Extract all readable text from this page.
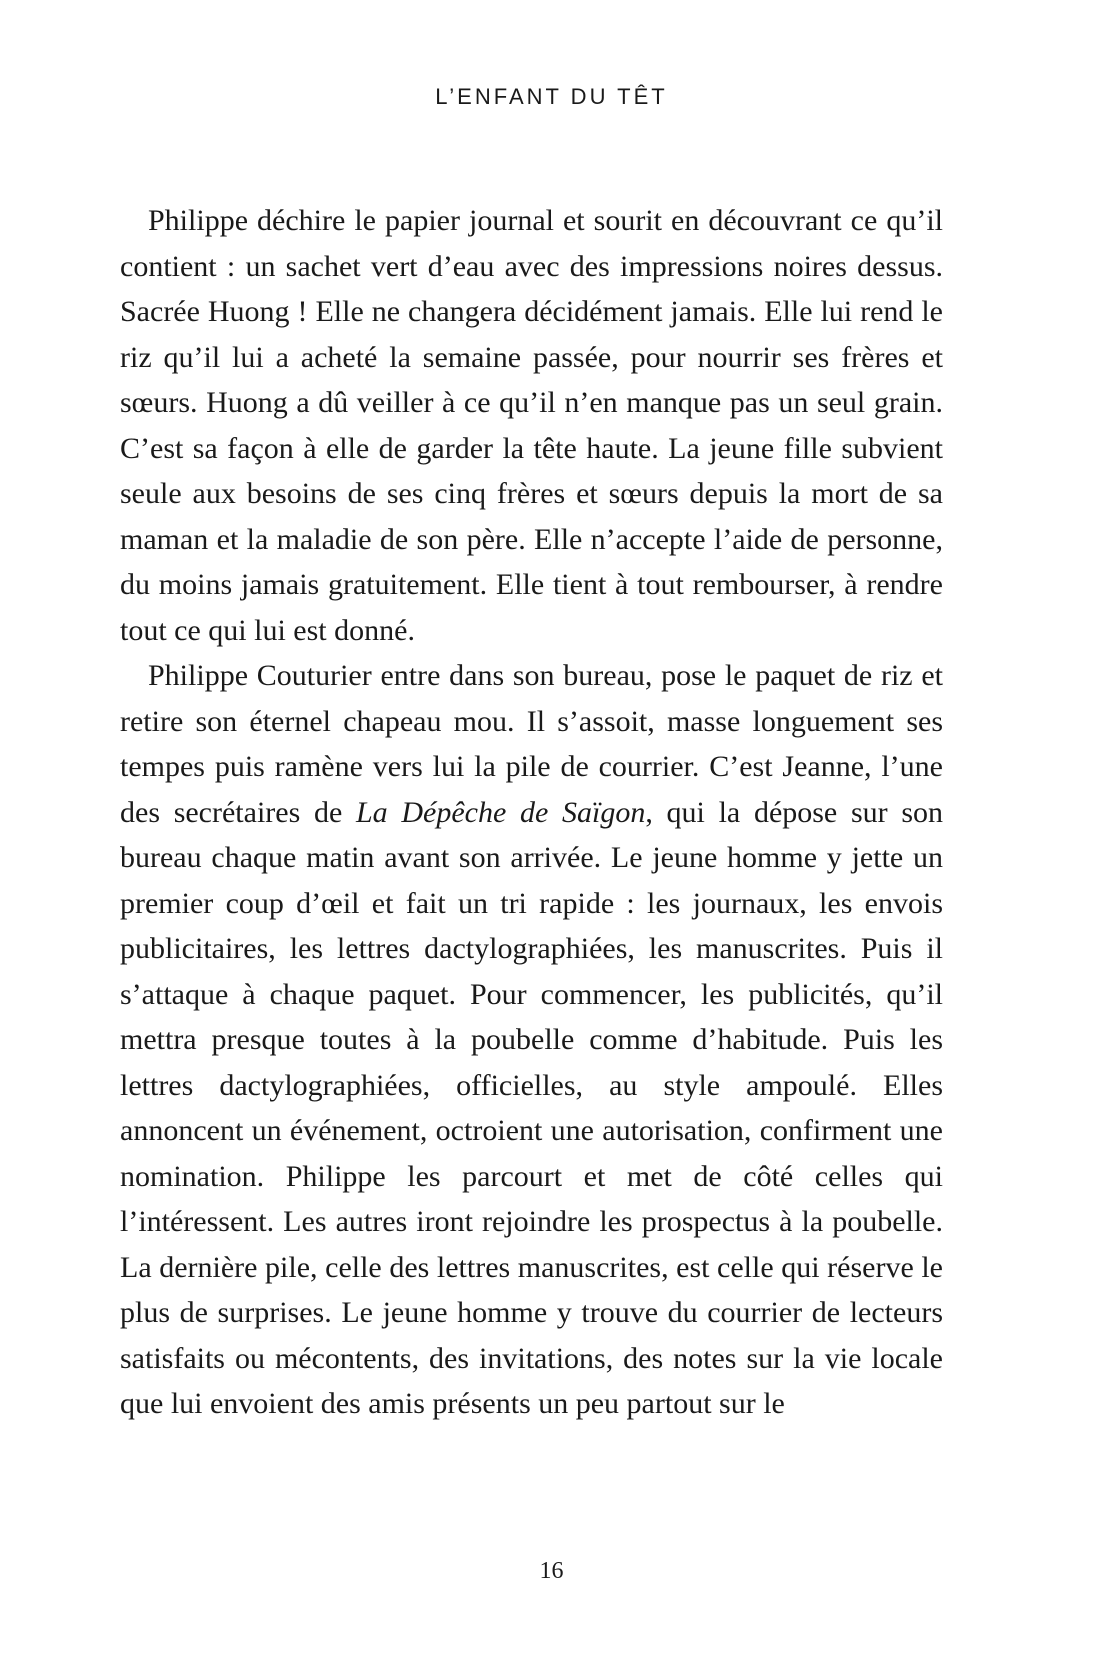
L’ENFANT DU TÊT

Philippe déchire le papier journal et sourit en découvrant ce qu’il contient : un sachet vert d’eau avec des impressions noires dessus. Sacrée Huong ! Elle ne changera décidément jamais. Elle lui rend le riz qu’il lui a acheté la semaine passée, pour nourrir ses frères et sœurs. Huong a dû veiller à ce qu’il n’en manque pas un seul grain. C’est sa façon à elle de garder la tête haute. La jeune fille subvient seule aux besoins de ses cinq frères et sœurs depuis la mort de sa maman et la maladie de son père. Elle n’accepte l’aide de personne, du moins jamais gratuitement. Elle tient à tout rembourser, à rendre tout ce qui lui est donné.

Philippe Couturier entre dans son bureau, pose le paquet de riz et retire son éternel chapeau mou. Il s’assoit, masse longuement ses tempes puis ramène vers lui la pile de courrier. C’est Jeanne, l’une des secrétaires de La Dépêche de Saïgon, qui la dépose sur son bureau chaque matin avant son arrivée. Le jeune homme y jette un premier coup d’œil et fait un tri rapide : les journaux, les envois publicitaires, les lettres dactylographiées, les manuscrites. Puis il s’attaque à chaque paquet. Pour commencer, les publicités, qu’il mettra presque toutes à la poubelle comme d’habitude. Puis les lettres dactylographiées, officielles, au style ampoulé. Elles annoncent un événement, octroient une autorisation, confirment une nomination. Philippe les parcourt et met de côté celles qui l’intéressent. Les autres iront rejoindre les prospectus à la poubelle. La dernière pile, celle des lettres manuscrites, est celle qui réserve le plus de surprises. Le jeune homme y trouve du courrier de lecteurs satisfaits ou mécontents, des invitations, des notes sur la vie locale que lui envoient des amis présents un peu partout sur le

16
